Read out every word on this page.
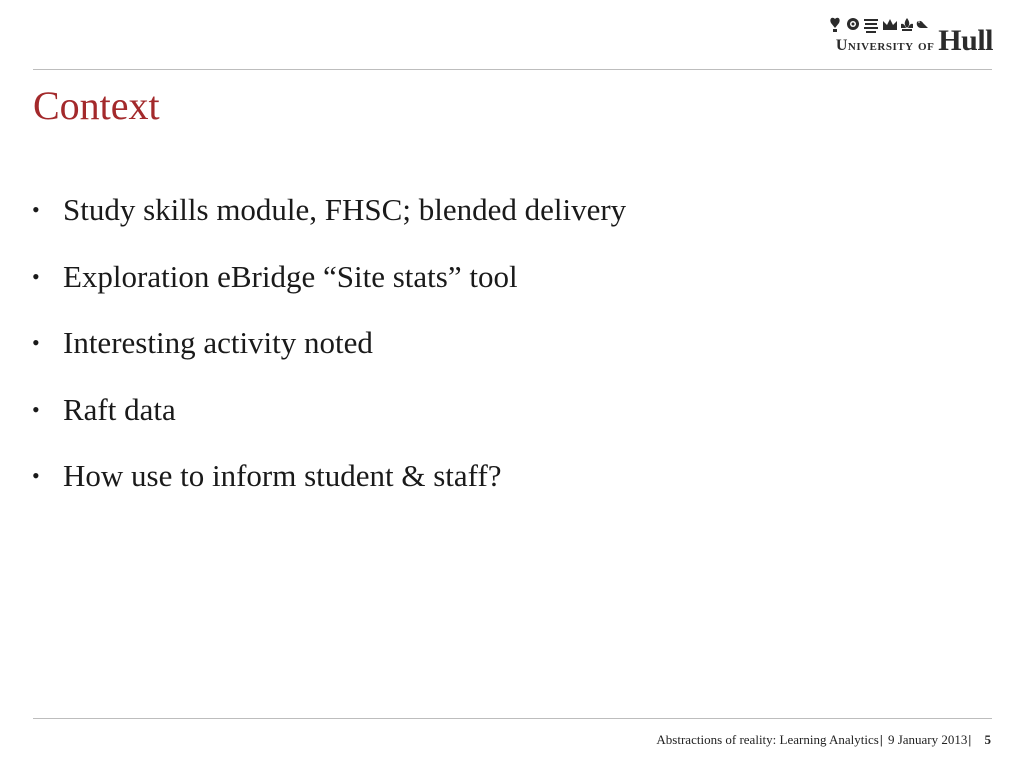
University of Hull
Context
• Study skills module, FHSC; blended delivery
• Exploration eBridge “Site stats” tool
• Interesting activity noted
• Raft data
• How use to inform student & staff?
Abstractions of reality: Learning Analytics| 9 January 2013| 5
